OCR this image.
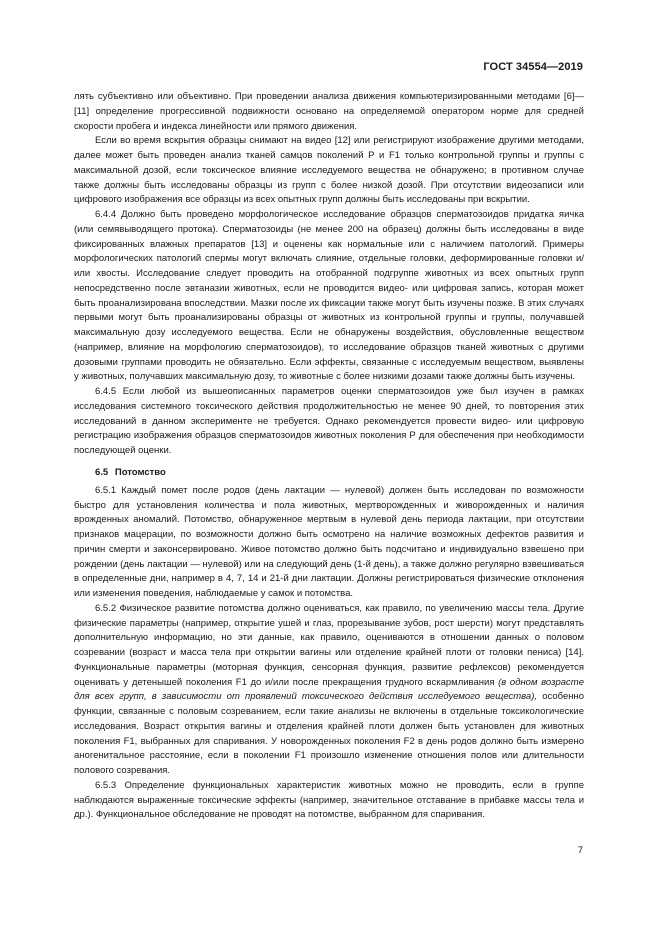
ГОСТ 34554—2019

лять субъективно или объективно. При проведении анализа движения компьютеризированными методами [6]—[11] определение прогрессивной подвижности основано на определяемой оператором норме для средней скорости пробега и индекса линейности или прямого движения.

Если во время вскрытия образцы снимают на видео [12] или регистрируют изображение другими методами, далее может быть проведен анализ тканей самцов поколений Р и F1 только контрольной группы и группы с максимальной дозой, если токсическое влияние исследуемого вещества не обнаружено; в противном случае также должны быть исследованы образцы из групп с более низкой дозой. При отсутствии видеозаписи или цифрового изображения все образцы из всех опытных групп должны быть исследованы при вскрытии.

6.4.4 Должно быть проведено морфологическое исследование образцов сперматозоидов придатка яичка (или семявыводящего протока). Сперматозоиды (не менее 200 на образец) должны быть исследованы в виде фиксированных влажных препаратов [13] и оценены как нормальные или с наличием патологий. Примеры морфологических патологий спермы могут включать слияние, отдельные головки, деформированные головки и/или хвосты. Исследование следует проводить на отобранной подгруппе животных из всех опытных групп непосредственно после эвтаназии животных, если не проводится видео- или цифровая запись, которая может быть проанализирована впоследствии. Мазки после их фиксации также могут быть изучены позже. В этих случаях первыми могут быть проанализированы образцы от животных из контрольной группы и группы, получавшей максимальную дозу исследуемого вещества. Если не обнаружены воздействия, обусловленные веществом (например, влияние на морфологию сперматозоидов), то исследование образцов тканей животных с другими дозовыми группами проводить не обязательно. Если эффекты, связанные с исследуемым веществом, выявлены у животных, получавших максимальную дозу, то животные с более низкими дозами также должны быть изучены.

6.4.5 Если любой из вышеописанных параметров оценки сперматозоидов уже был изучен в рамках исследования системного токсического действия продолжительностью не менее 90 дней, то повторения этих исследований в данном эксперименте не требуется. Однако рекомендуется провести видео- или цифровую регистрацию изображения образцов сперматозоидов животных поколения Р для обеспечения при необходимости последующей оценки.

6.5 Потомство

6.5.1 Каждый помет после родов (день лактации — нулевой) должен быть исследован по возможности быстро для установления количества и пола животных, мертворожденных и живорожденных и наличия врожденных аномалий. Потомство, обнаруженное мертвым в нулевой день периода лактации, при отсутствии признаков мацерации, по возможности должно быть осмотрено на наличие возможных дефектов развития и причин смерти и законсервировано. Живое потомство должно быть подсчитано и индивидуально взвешено при рождении (день лактации — нулевой) или на следующий день (1-й день), а также должно регулярно взвешиваться в определенные дни, например в 4, 7, 14 и 21-й дни лактации. Должны регистрироваться физические отклонения или изменения поведения, наблюдаемые у самок и потомства.

6.5.2 Физическое развитие потомства должно оцениваться, как правило, по увеличению массы тела. Другие физические параметры (например, открытие ушей и глаз, прорезывание зубов, рост шерсти) могут представлять дополнительную информацию, но эти данные, как правило, оцениваются в отношении данных о половом созревании (возраст и масса тела при открытии вагины или отделение крайней плоти от головки пениса) [14]. Функциональные параметры (моторная функция, сенсорная функция, развитие рефлексов) рекомендуется оценивать у детенышей поколения F1 до и/или после прекращения грудного вскармливания (в одном возрасте для всех групп, в зависимости от проявлений токсического действия исследуемого вещества), особенно функции, связанные с половым созреванием, если такие анализы не включены в отдельные токсикологические исследования. Возраст открытия вагины и отделения крайней плоти должен быть установлен для животных поколения F1, выбранных для спаривания. У новорожденных поколения F2 в день родов должно быть измерено аногенитальное расстояние, если в поколении F1 произошло изменение отношения полов или длительности полового созревания.

6.5.3 Определение функциональных характеристик животных можно не проводить, если в группе наблюдаются выраженные токсические эффекты (например, значительное отставание в прибавке массы тела и др.). Функциональное обследование не проводят на потомстве, выбранном для спаривания.

7
